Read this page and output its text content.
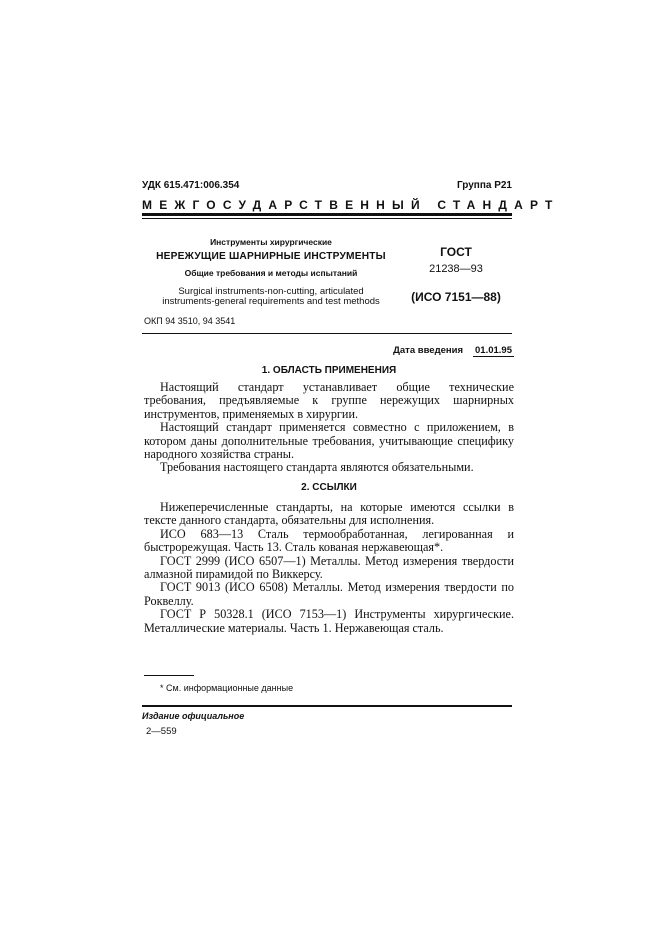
УДК 615.471:006.354	Группа Р21
МЕЖГОСУДАРСТВЕННЫЙ СТАНДАРТ
Инструменты хирургические
НЕРЕЖУЩИЕ ШАРНИРНЫЕ ИНСТРУМЕНТЫ
Общие требования и методы испытаний
Surgical instruments-non-cutting, articulated instruments-general requirements and test methods
ОКП 94 3510, 94 3541
ГОСТ
21238—93
(ИСО 7151—88)
Дата введения 01.01.95
1. ОБЛАСТЬ ПРИМЕНЕНИЯ

Настоящий стандарт устанавливает общие технические требования, предъявляемые к группе нережущих шарнирных инструментов, применяемых в хирургии.

Настоящий стандарт применяется совместно с приложением, в котором даны дополнительные требования, учитывающие специфику народного хозяйства страны.

Требования настоящего стандарта являются обязательными.

2. ССЫЛКИ

Нижеперечисленные стандарты, на которые имеются ссылки в тексте данного стандарта, обязательны для исполнения.

ИСО 683—13 Сталь термообработанная, легированная и быстрорежущая. Часть 13. Сталь кованая нержавеющая*.

ГОСТ 2999 (ИСО 6507—1) Металлы. Метод измерения твердости алмазной пирамидой по Виккерсу.

ГОСТ 9013 (ИСО 6508) Металлы. Метод измерения твердости по Роквеллу.

ГОСТ Р 50328.1 (ИСО 7153—1) Инструменты хирургические. Металлические материалы. Часть 1. Нержавеющая сталь.

* См. информационные данные
Издание официальное
2—559
